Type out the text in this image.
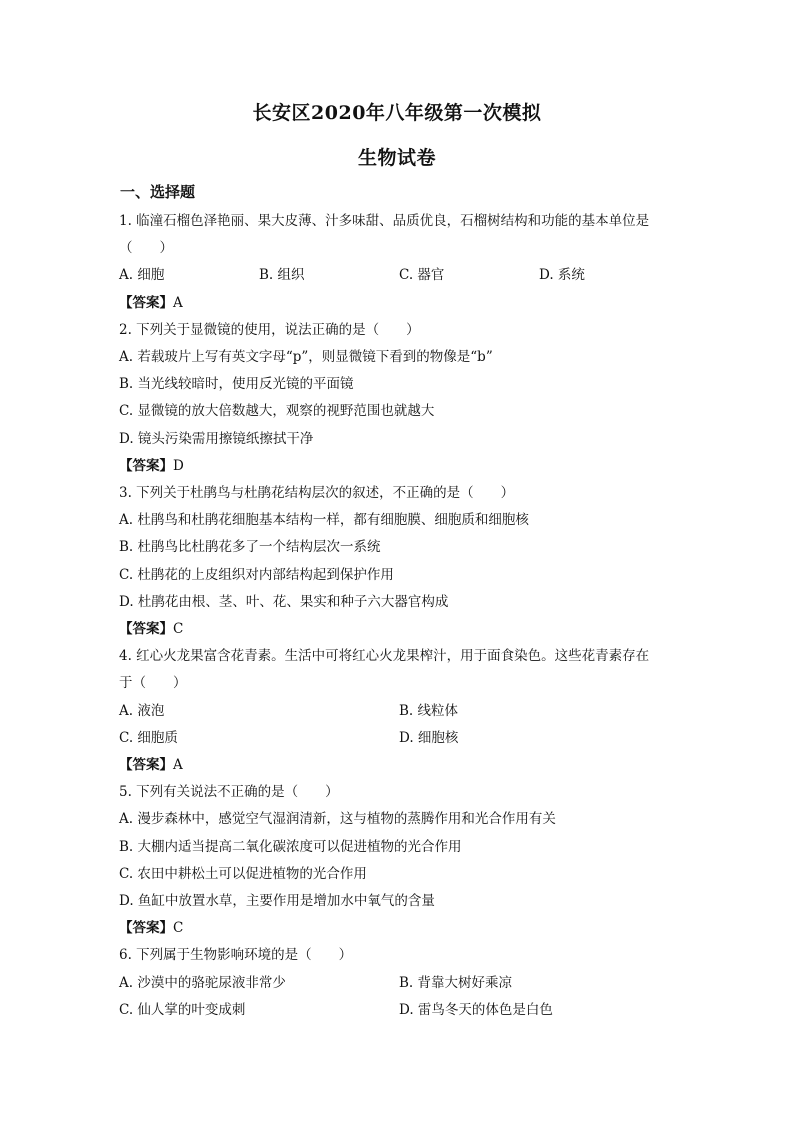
长安区2020年八年级第一次模拟
生物试卷
一、选择题
1. 临潼石榴色泽艳丽、果大皮薄、汁多味甜、品质优良，石榴树结构和功能的基本单位是
（　　）
A. 细胞	B. 组织	C. 器官	D. 系统
【答案】A
2. 下列关于显微镜的使用，说法正确的是（　　）
A. 若载玻片上写有英文字母“p”，则显微镜下看到的物像是“b”
B. 当光线较暗时，使用反光镜的平面镜
C. 显微镜的放大倍数越大，观察的视野范围也就越大
D. 镜头污染需用擦镜纸擦拭干净
【答案】D
3. 下列关于杜鹃鸟与杜鹃花结构层次的叙述，不正确的是（　　）
A. 杜鹃鸟和杜鹃花细胞基本结构一样，都有细胞膜、细胞质和细胞核
B. 杜鹃鸟比杜鹃花多了一个结构层次一系统
C. 杜鹃花的上皮组织对内部结构起到保护作用
D. 杜鹃花由根、茎、叶、花、果实和种子六大器官构成
【答案】C
4. 红心火龙果富含花青素。生活中可将红心火龙果榨汁，用于面食染色。这些花青素存在
于（　　）
A. 液泡	B. 线粒体
C. 细胞质	D. 细胞核
【答案】A
5. 下列有关说法不正确的是（　　）
A. 漫步森林中，感觉空气湿润清新，这与植物的蒸腾作用和光合作用有关
B. 大棚内适当提高二氧化碳浓度可以促进植物的光合作用
C. 农田中耕松土可以促进植物的光合作用
D. 鱼缸中放置水草，主要作用是增加水中氧气的含量
【答案】C
6. 下列属于生物影响环境的是（　　）
A. 沙漠中的骆驼尿液非常少	B. 背靠大树好乘凉
C. 仙人掌的叶变成刺	D. 雷鸟冬天的体色是白色
